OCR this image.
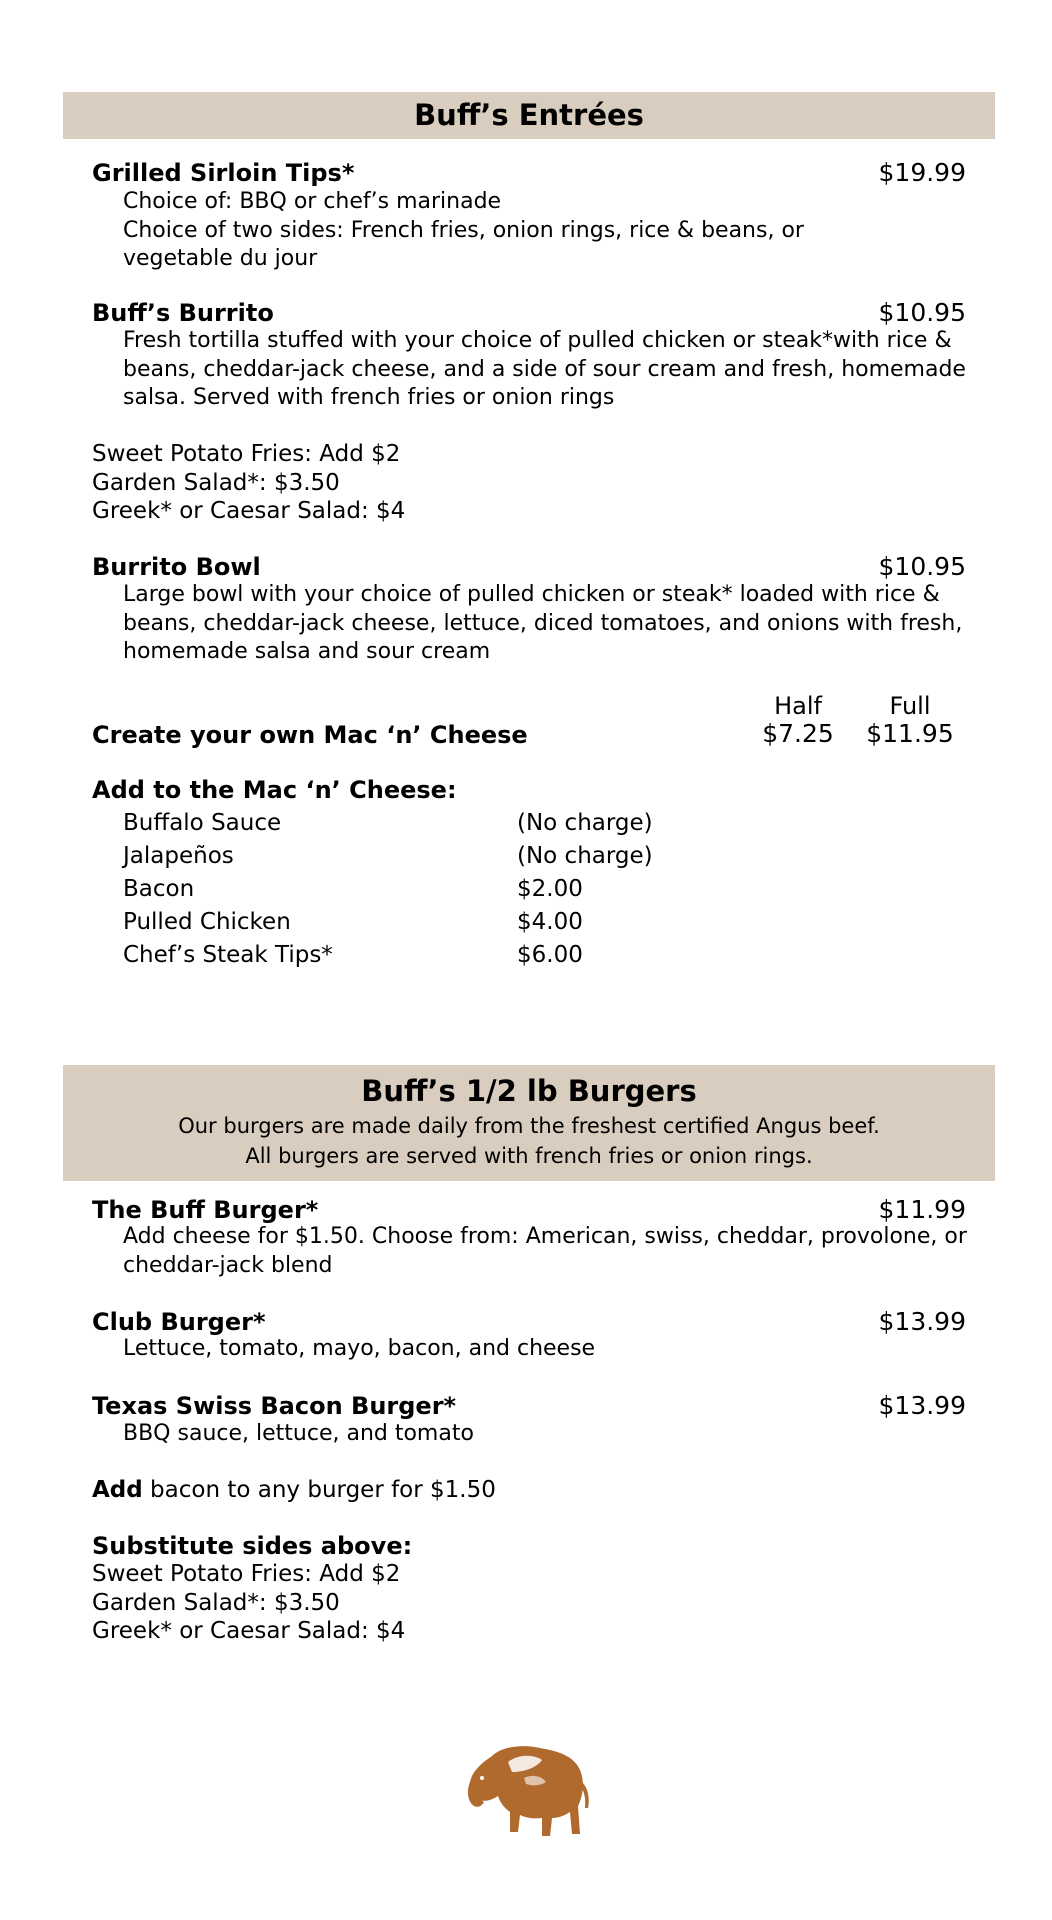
Buff’s Entrées
Grilled Sirloin Tips*	$19.99
Choice of: BBQ or chef’s marinade
Choice of two sides: French fries, onion rings, rice & beans, or vegetable du jour
Buff’s Burrito	$10.95
Fresh tortilla stuffed with your choice of pulled chicken or steak*with rice & beans, cheddar-jack cheese, and a side of sour cream and fresh, homemade salsa. Served with french fries or onion rings
Sweet Potato Fries: Add $2
Garden Salad*: $3.50
Greek* or Caesar Salad: $4
Burrito Bowl	$10.95
Large bowl with your choice of pulled chicken or steak* loaded with rice & beans, cheddar-jack cheese, lettuce, diced tomatoes, and onions with fresh, homemade salsa and sour cream
Half	Full
Create your own Mac ‘n’ Cheese	$7.25	$11.95
Add to the Mac ‘n’ Cheese:
Buffalo Sauce	(No charge)
Jalapeños	(No charge)
Bacon	$2.00
Pulled Chicken	$4.00
Chef’s Steak Tips*	$6.00
Buff’s 1/2 lb Burgers
Our burgers are made daily from the freshest certified Angus beef.
All burgers are served with french fries or onion rings.
The Buff Burger*	$11.99
Add cheese for $1.50. Choose from: American, swiss, cheddar, provolone, or cheddar-jack blend
Club Burger*	$13.99
Lettuce, tomato, mayo, bacon, and cheese
Texas Swiss Bacon Burger*	$13.99
BBQ sauce, lettuce, and tomato
Add bacon to any burger for $1.50
Substitute sides above:
Sweet Potato Fries: Add $2
Garden Salad*: $3.50
Greek* or Caesar Salad: $4
